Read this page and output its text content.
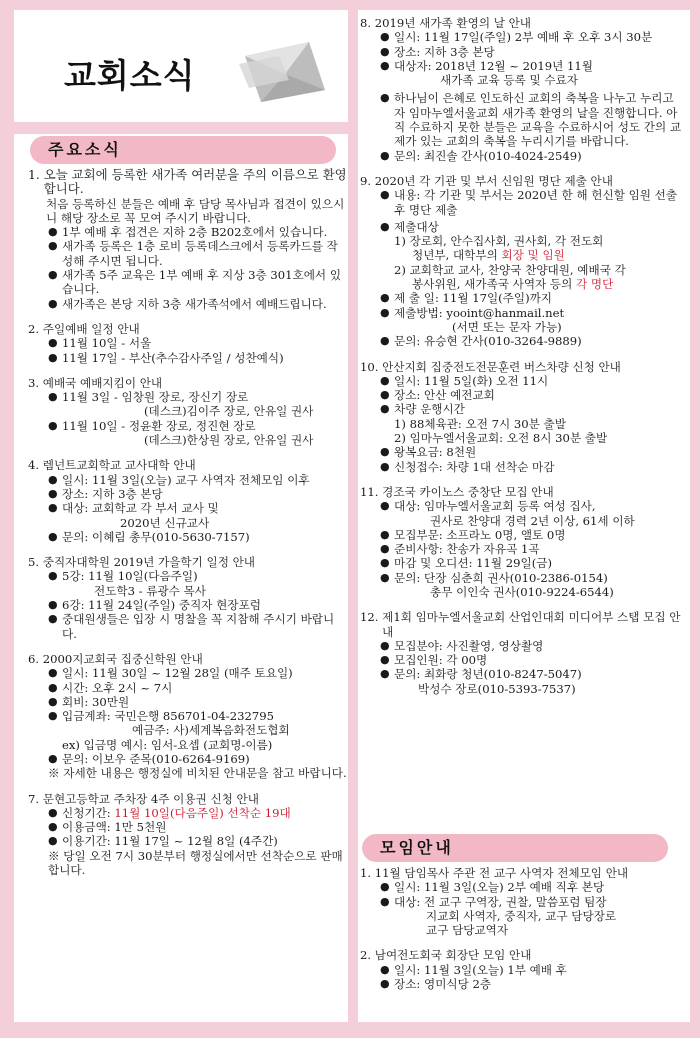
교회소식
주요소식
모임안내
1.
오늘 교회에 등록한 새가족 여러분을 주의 이름으로 환영합니다.
처음 등록하신 분들은 예배 후 담당 목사님과 접견이 있으시니 해당 장소로 꼭 모여 주시기 바랍니다.
● 1부 예배 후 접견은 지하 2층 B202호에서 있습니다.
● 새가족 등록은 1층 로비 등록데스크에서 등록카드를 작성해 주시면 됩니다.
● 새가족 5주 교육은 1부 예배 후 지상 3층 301호에서 있습니다.
● 새가족은 본당 지하 3층 새가족석에서 예배드립니다.
2.
주일예배 일정 안내
● 11월 10일 - 서울
● 11월 17일 - 부산(추수감사주일 / 성찬예식)
3.
예배국 예배지킴이 안내
● 11월 3일 - 임창원 장로, 장신기 장로
(데스크)김이주 장로, 안유일 권사
● 11월 10일 - 정윤환 장로, 정진현 장로
(데스크)한상원 장로, 안유일 권사
4.
렘넌트교회학교 교사대학 안내
● 일시: 11월 3일(오늘) 교구 사역자 전체모임 이후
● 장소: 지하 3층 본당
● 대상: 교회학교 각 부서 교사 및
2020년 신규교사
● 문의: 이혜림 총무(010-5630-7157)
5.
중직자대학원 2019년 가을학기 일정 안내
● 5강: 11월 10일(다음주일)
전도학3 - 류광수 목사
● 6강: 11월 24일(주일) 중직자 현장포럼
● 중대원생들은 입장 시 명찰을 꼭 지참해 주시기 바랍니다.
6.
2000지교회국 집중신학원 안내
● 일시: 11월 30일 ~ 12월 28일 (매주 토요일)
● 시간: 오후 2시 ~ 7시
● 회비: 30만원
● 입금계좌: 국민은행 856701-04-232795
예금주: 사)세계복음화전도협회
ex) 입금명 예시: 임서-요셉 (교회명-이름)
● 문의: 이보우 준목(010-6264-9169)
※ 자세한 내용은 행정실에 비치된 안내문을 참고 바랍니다.
7.
문현고등학교 주차장 4주 이용권 신청 안내
● 신청기간: 11월 10일(다음주일) 선착순 19대
● 이용금액: 1만 5천원
● 이용기간: 11월 17일 ~ 12월 8일 (4주간)
※ 당일 오전 7시 30분부터 행정실에서만 선착순으로 판매합니다.
8.
2019년 새가족 환영의 날 안내
● 일시: 11월 17일(주일) 2부 예배 후 오후 3시 30분
● 장소: 지하 3층 본당
● 대상자: 2018년 12월 ~ 2019년 11월
새가족 교육 등록 및 수료자
● 하나님이 은혜로 인도하신 교회의 축복을 나누고 누리고자 임마누엘서울교회 새가족 환영의 날을 진행합니다. 아직 수료하지 못한 분들은 교육을 수료하시어 성도 간의 교제가 있는 교회의 축복을 누리시기를 바랍니다.
● 문의: 최진솔 간사(010-4024-2549)
9.
2020년 각 기관 및 부서 신임원 명단 제출 안내
● 내용: 각 기관 및 부서는 2020년 한 해 헌신할 임원 선출 후 명단 제출
● 제출대상
1) 장로회, 안수집사회, 권사회, 각 전도회
청년부, 대학부의 회장 및 임원
2) 교회학교 교사, 찬양국 찬양대원, 예배국 각
봉사위원, 새가족국 사역자 등의 각 명단
● 제 출 일: 11월 17일(주일)까지
● 제출방법: yooint@hanmail.net
(서면 또는 문자 가능)
● 문의: 유승현 간사(010-3264-9889)
10.
안산지회 집중전도전문훈련 버스차량 신청 안내
● 일시: 11월 5일(화) 오전 11시
● 장소: 안산 예전교회
● 차량 운행시간
1) 88체육관: 오전 7시 30분 출발
2) 임마누엘서울교회: 오전 8시 30분 출발
● 왕복요금: 8천원
● 신청접수: 차량 1대 선착순 마감
11.
경조국 카이노스 중창단 모집 안내
● 대상: 임마누엘서울교회 등록 여성 집사,
권사로 찬양대 경력 2년 이상, 61세 이하
● 모집부문: 소프라노 0명, 앨토 0명
● 준비사항: 찬송가 자유곡 1곡
● 마감 및 오디션: 11월 29일(금)
● 문의: 단장 심춘희 권사(010-2386-0154)
총무 이인숙 권사(010-9224-6544)
12.
제1회 임마누엘서울교회 산업인대회 미디어부 스탭 모집 안내
● 모집분야: 사진촬영, 영상촬영
● 모집인원: 각 00명
● 문의: 최화랑 청년(010-8247-5047)
박성수 장로(010-5393-7537)
1.
11월 담임목사 주관 전 교구 사역자 전체모임 안내
● 일시: 11월 3일(오늘) 2부 예배 직후 본당
● 대상: 전 교구 구역장, 권찰, 말씀포럼 팀장
지교회 사역자, 중직자, 교구 담당장로
교구 담당교역자
2.
남여전도회국 회장단 모임 안내
● 일시: 11월 3일(오늘) 1부 예배 후
● 장소: 영미식당 2층
